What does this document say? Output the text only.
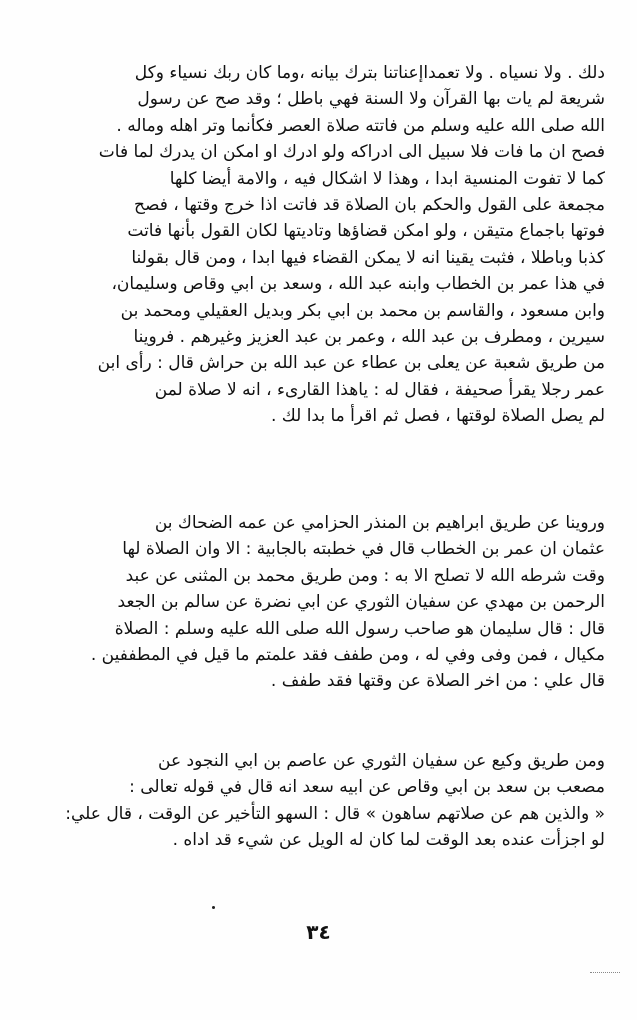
دلك . ولا نسياه . ولا تعمداإعناتنا بترك بيانه ،وما كان ربك نسياء وكل
شريعة لم يات بها القرآن ولا السنة فهي باطل ؛ وقد صح عن رسول
الله صلى الله عليه وسلم من فاتته صلاة العصر فكأنما وتر اهله وماله .
فصح ان ما فات فلا سبيل الى ادراكه ولو ادرك او امكن ان يدرك لما فات
كما لا تفوت المنسية ابدا ، وهذا لا اشكال فيه ، والامة أيضا كلها
مجمعة على القول والحكم بان الصلاة قد فاتت اذا خرج وقتها ، فصح
فوتها باجماع متيقن ، ولو امكن قضاؤها وتاديتها لكان القول بأنها فاتت
كذبا وباطلا ، فثبت يقينا انه لا يمكن القضاء فيها ابدا ، ومن قال بقولنا
في هذا عمر بن الخطاب وابنه عبد الله ، وسعد بن ابي وقاص وسليمان،
وابن مسعود ، والقاسم بن محمد بن ابي بكر وبديل العقيلي ومحمد بن
سيرين ، ومطرف بن عبد الله ، وعمر بن عبد العزيز وغيرهم . فروينا
من طريق شعبة عن يعلى بن عطاء عن عبد الله بن حراش قال : رأى ابن
عمر رجلا يقرأ صحيفة ، فقال له : ياهذا القارىء ، انه لا صلاة لمن
لم يصل الصلاة لوقتها ، فصل ثم اقرأ ما بدا لك .
وروينا عن طريق ابراهيم بن المنذر الحزامي عن عمه الضحاك بن
عثمان ان عمر بن الخطاب قال في خطبته بالجابية : الا وان الصلاة لها
وقت شرطه الله لا تصلح الا به : ومن طريق محمد بن المثنى عن عبد
الرحمن بن مهدي عن سفيان الثوري عن ابي نضرة عن سالم بن الجعد
قال : قال سليمان هو صاحب رسول الله صلى الله عليه وسلم : الصلاة
مكيال ، فمن وفى وفي له ، ومن طفف فقد علمتم ما قيل في المطففين .
قال علي : من اخر الصلاة عن وقتها فقد طفف .
ومن طريق وكيع عن سفيان الثوري عن عاصم بن ابي النجود عن
مصعب بن سعد بن ابي وقاص عن ابيه سعد انه قال في قوله تعالى :
« والذين هم عن صلاتهم ساهون » قال : السهو التأخير عن الوقت ، قال علي:
لو اجزأت عنده بعد الوقت لما كان له الويل عن شيء قد اداه .
٣٤
